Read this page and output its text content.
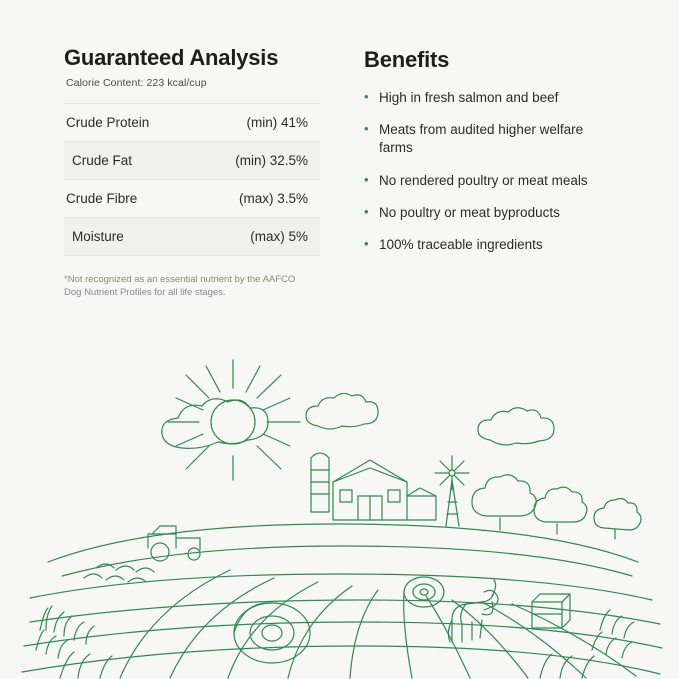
Guaranteed Analysis

Calorie Content: 223 kcal/cup

Crude Protein	(min) 41%
Crude Fat	(min) 32.5%
Crude Fibre	(max) 3.5%
Moisture	(max) 5%

*Not recognized as an essential nutrient by the AAFCO Dog Nutrient Profiles for all life stages.

Benefits
• High in fresh salmon and beef
• Meats from audited higher welfare farms
• No rendered poultry or meat meals
• No poultry or meat byproducts
• 100% traceable ingredients
